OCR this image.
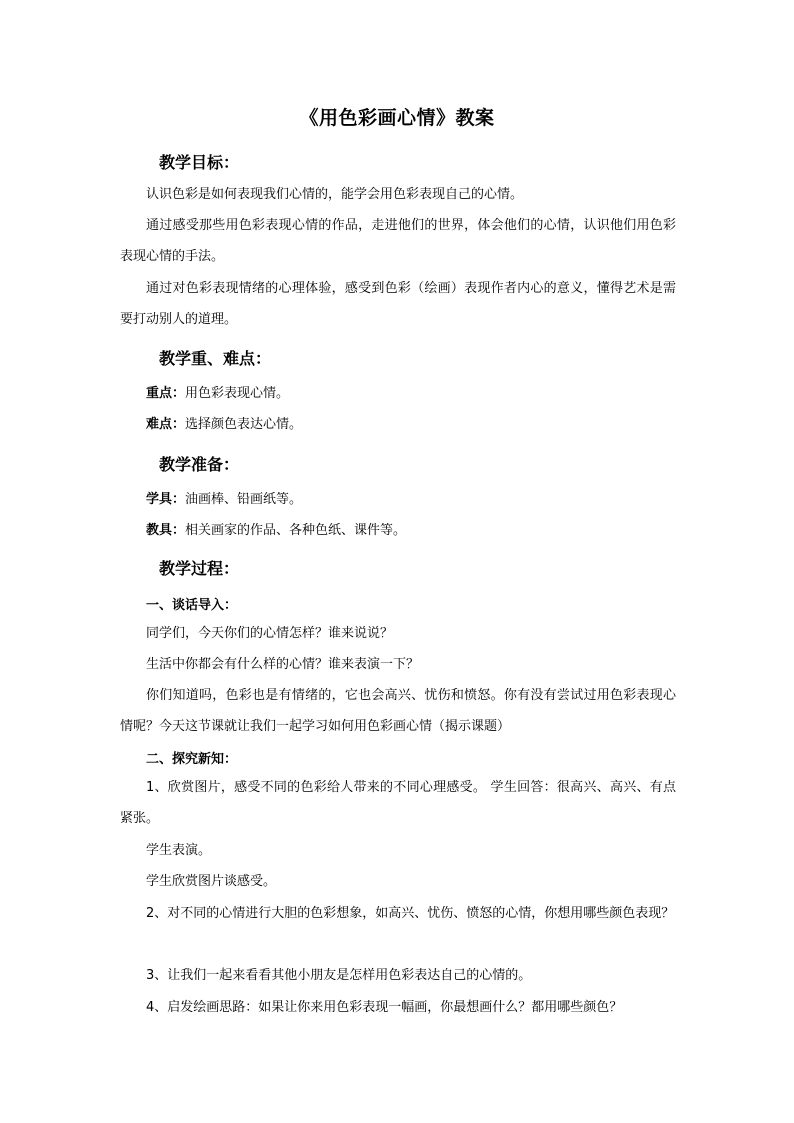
《用色彩画心情》教案
教学目标：
认识色彩是如何表现我们心情的，能学会用色彩表现自己的心情。
通过感受那些用色彩表现心情的作品，走进他们的世界，体会他们的心情，认识他们用色彩表现心情的手法。
通过对色彩表现情绪的心理体验，感受到色彩（绘画）表现作者内心的意义，懂得艺术是需要打动别人的道理。
教学重、难点：
重点：用色彩表现心情。
难点：选择颜色表达心情。
教学准备：
学具：油画棒、铅画纸等。
教具：相关画家的作品、各种色纸、课件等。
教学过程：
一、谈话导入：
同学们，今天你们的心情怎样？谁来说说？
生活中你都会有什么样的心情？谁来表演一下？
你们知道吗，色彩也是有情绪的，它也会高兴、忧伤和愤怒。你有没有尝试过用色彩表现心情呢？今天这节课就让我们一起学习如何用色彩画心情（揭示课题）
二、探究新知：
1、欣赏图片，感受不同的色彩给人带来的不同心理感受。 学生回答：很高兴、高兴、有点紧张。
学生表演。
学生欣赏图片谈感受。
2、对不同的心情进行大胆的色彩想象，如高兴、忧伤、愤怒的心情，你想用哪些颜色表现？
3、让我们一起来看看其他小朋友是怎样用色彩表达自己的心情的。
4、启发绘画思路：如果让你来用色彩表现一幅画，你最想画什么？都用哪些颜色？
